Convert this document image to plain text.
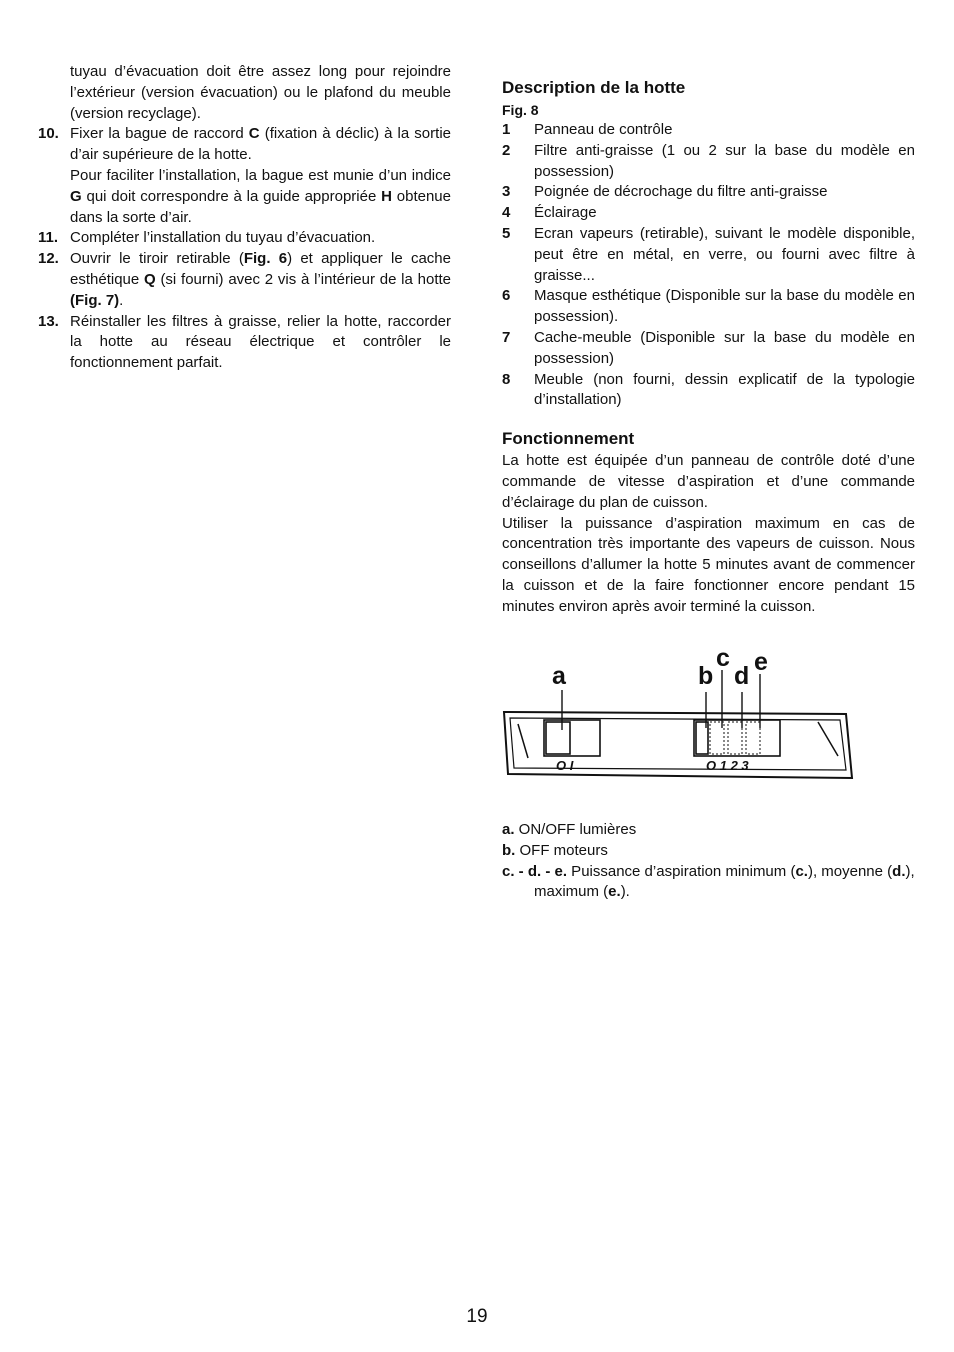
tuyau d’évacuation doit être assez long pour rejoindre l’extérieur (version évacuation) ou le plafond du meuble (version recyclage).
10. Fixer la bague de raccord C (fixation à déclic) à la sortie d’air supérieure de la hotte.
Pour faciliter l’installation, la bague est munie d’un indice G qui doit correspondre à la guide appropriée H obtenue dans la sorte d’air.
11. Compléter l’installation du tuyau d’évacuation.
12. Ouvrir le tiroir retirable (Fig. 6) et appliquer le cache esthétique Q (si fourni) avec 2 vis à l’intérieur de la hotte (Fig. 7).
13. Réinstaller les filtres à graisse, relier la hotte, raccorder la hotte au réseau électrique et contrôler le fonctionnement parfait.
Description de la hotte
Fig. 8
1 Panneau de contrôle
2 Filtre anti-graisse (1 ou 2 sur la base du modèle en possession)
3 Poignée de décrochage du filtre anti-graisse
4 Éclairage
5 Ecran vapeurs (retirable), suivant le modèle disponible, peut être en métal, en verre, ou fourni avec filtre à graisse...
6 Masque esthétique (Disponible sur la base du modèle en possession).
7 Cache-meuble (Disponible sur la base du modèle en possession)
8 Meuble (non fourni, dessin explicatif de la typologie d’installation)
Fonctionnement
La hotte est équipée d’un panneau de contrôle doté d’une commande de vitesse d’aspiration et d’une commande d’éclairage du plan de cuisson.
Utiliser la puissance d’aspiration maximum en cas de concentration très importante des vapeurs de cuisson. Nous conseillons d’allumer la hotte 5 minutes avant de commencer la cuisson et de la faire fonctionner encore pendant 15 minutes environ après avoir terminé la cuisson.
a	b
c
d e
O I	O 1 2 3
a. ON/OFF lumières
b. OFF moteurs
c. - d. - e. Puissance d’aspiration minimum (c.), moyenne (d.), maximum (e.).
19
